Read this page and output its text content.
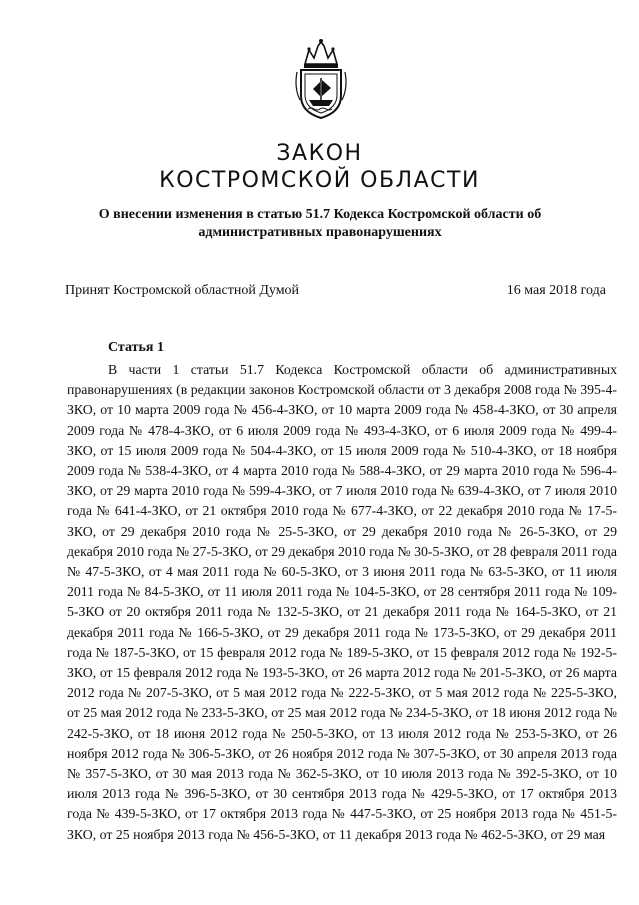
ЗАКОН
КОСТРОМСКОЙ ОБЛАСТИ
О внесении изменения в статью 51.7 Кодекса Костромской области об административных правонарушениях
Принят Костромской областной Думой	16 мая 2018 года
Статья 1

В части 1 статьи 51.7 Кодекса Костромской области об административных правонарушениях (в редакции законов Костромской области от 3 декабря 2008 года № 395-4-ЗКО, от 10 марта 2009 года № 456-4-ЗКО, от 10 марта 2009 года № 458-4-ЗКО, от 30 апреля 2009 года № 478-4-ЗКО, от 6 июля 2009 года № 493-4-ЗКО, от 6 июля 2009 года № 499-4-ЗКО, от 15 июля 2009 года № 504-4-ЗКО, от 15 июля 2009 года № 510-4-ЗКО, от 18 ноября 2009 года № 538-4-ЗКО, от 4 марта 2010 года № 588-4-ЗКО, от 29 марта 2010 года № 596-4-ЗКО, от 29 марта 2010 года № 599-4-ЗКО, от 7 июля 2010 года № 639-4-ЗКО, от 7 июля 2010 года № 641-4-ЗКО, от 21 октября 2010 года № 677-4-ЗКО, от 22 декабря 2010 года № 17-5-ЗКО, от 29 декабря 2010 года № 25-5-ЗКО, от 29 декабря 2010 года № 26-5-ЗКО, от 29 декабря 2010 года № 27-5-ЗКО, от 29 декабря 2010 года № 30-5-ЗКО, от 28 февраля 2011 года № 47-5-ЗКО, от 4 мая 2011 года № 60-5-ЗКО, от 3 июня 2011 года № 63-5-ЗКО, от 11 июля 2011 года № 84-5-ЗКО, от 11 июля 2011 года № 104-5-ЗКО, от 28 сентября 2011 года № 109-5-ЗКО от 20 октября 2011 года № 132-5-ЗКО, от 21 декабря 2011 года № 164-5-ЗКО, от 21 декабря 2011 года № 166-5-ЗКО, от 29 декабря 2011 года № 173-5-ЗКО, от 29 декабря 2011 года № 187-5-ЗКО, от 15 февраля 2012 года № 189-5-ЗКО, от 15 февраля 2012 года № 192-5-ЗКО, от 15 февраля 2012 года № 193-5-ЗКО, от 26 марта 2012 года № 201-5-ЗКО, от 26 марта 2012 года № 207-5-ЗКО, от 5 мая 2012 года № 222-5-ЗКО, от 5 мая 2012 года № 225-5-ЗКО, от 25 мая 2012 года № 233-5-ЗКО, от 25 мая 2012 года № 234-5-ЗКО, от 18 июня 2012 года № 242-5-ЗКО, от 18 июня 2012 года № 250-5-ЗКО, от 13 июля 2012 года № 253-5-ЗКО, от 26 ноября 2012 года № 306-5-ЗКО, от 26 ноября 2012 года № 307-5-ЗКО, от 30 апреля 2013 года № 357-5-ЗКО, от 30 мая 2013 года № 362-5-ЗКО, от 10 июля 2013 года № 392-5-ЗКО, от 10 июля 2013 года № 396-5-ЗКО, от 30 сентября 2013 года № 429-5-ЗКО, от 17 октября 2013 года № 439-5-ЗКО, от 17 октября 2013 года № 447-5-ЗКО, от 25 ноября 2013 года № 451-5-ЗКО, от 25 ноября 2013 года № 456-5-ЗКО, от 11 декабря 2013 года № 462-5-ЗКО, от 29 мая
